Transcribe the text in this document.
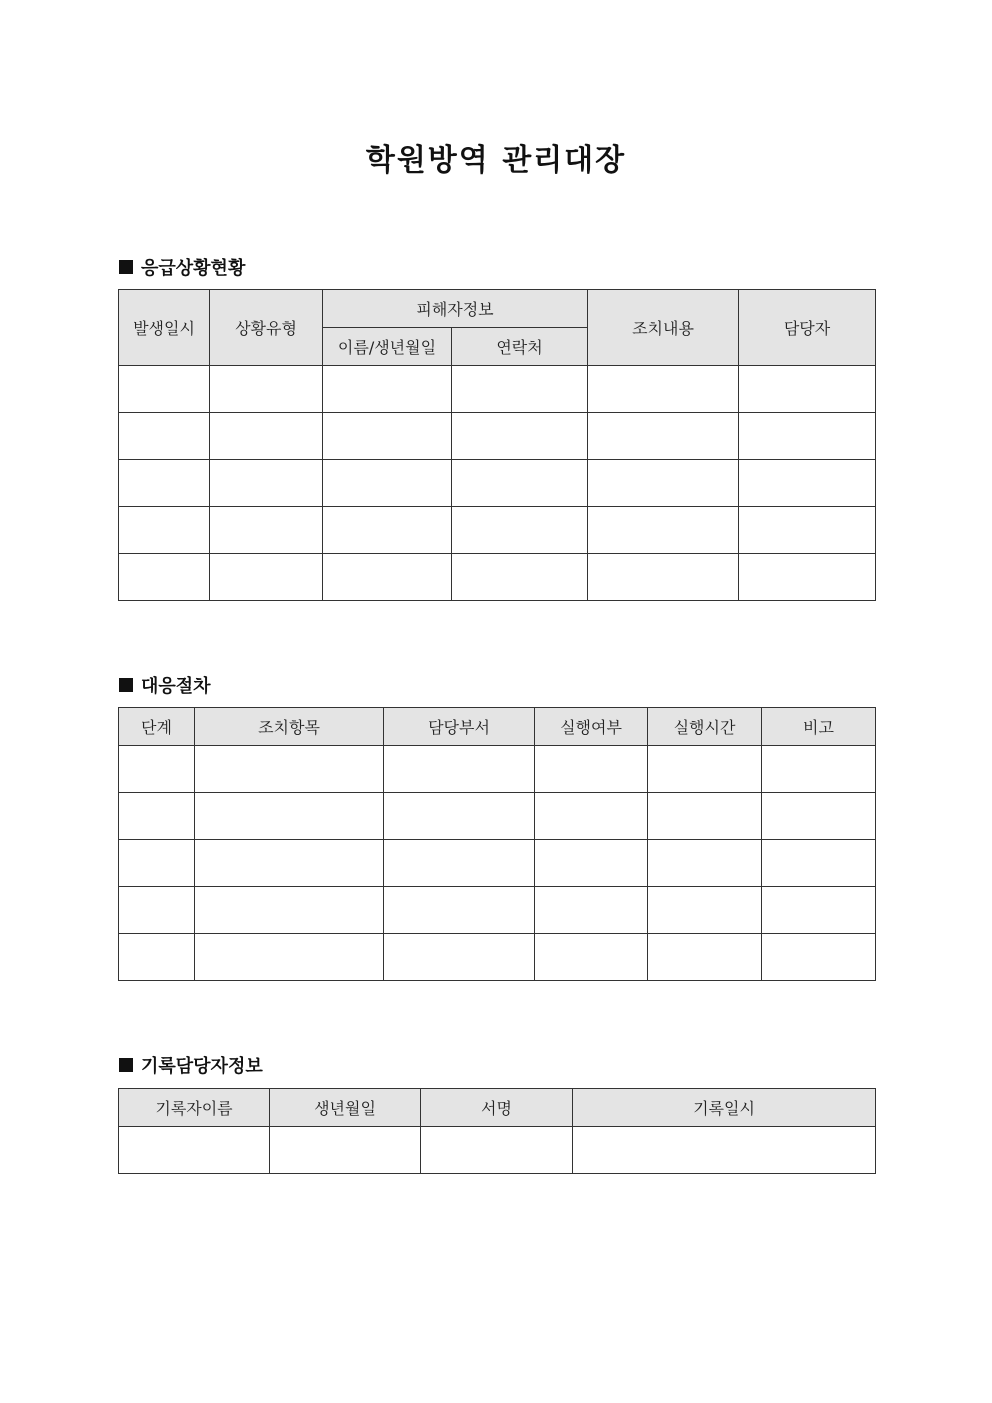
학원방역 관리대장
응급상황현황
발생일시	상황유형	피해자정보		조치내용	담당자
		이름/생년월일	연락처		

대응절차
단계	조치항목	담당부서	실행여부	실행시간	비고

기록담당자정보
기록자이름	생년월일	서명	기록일시
